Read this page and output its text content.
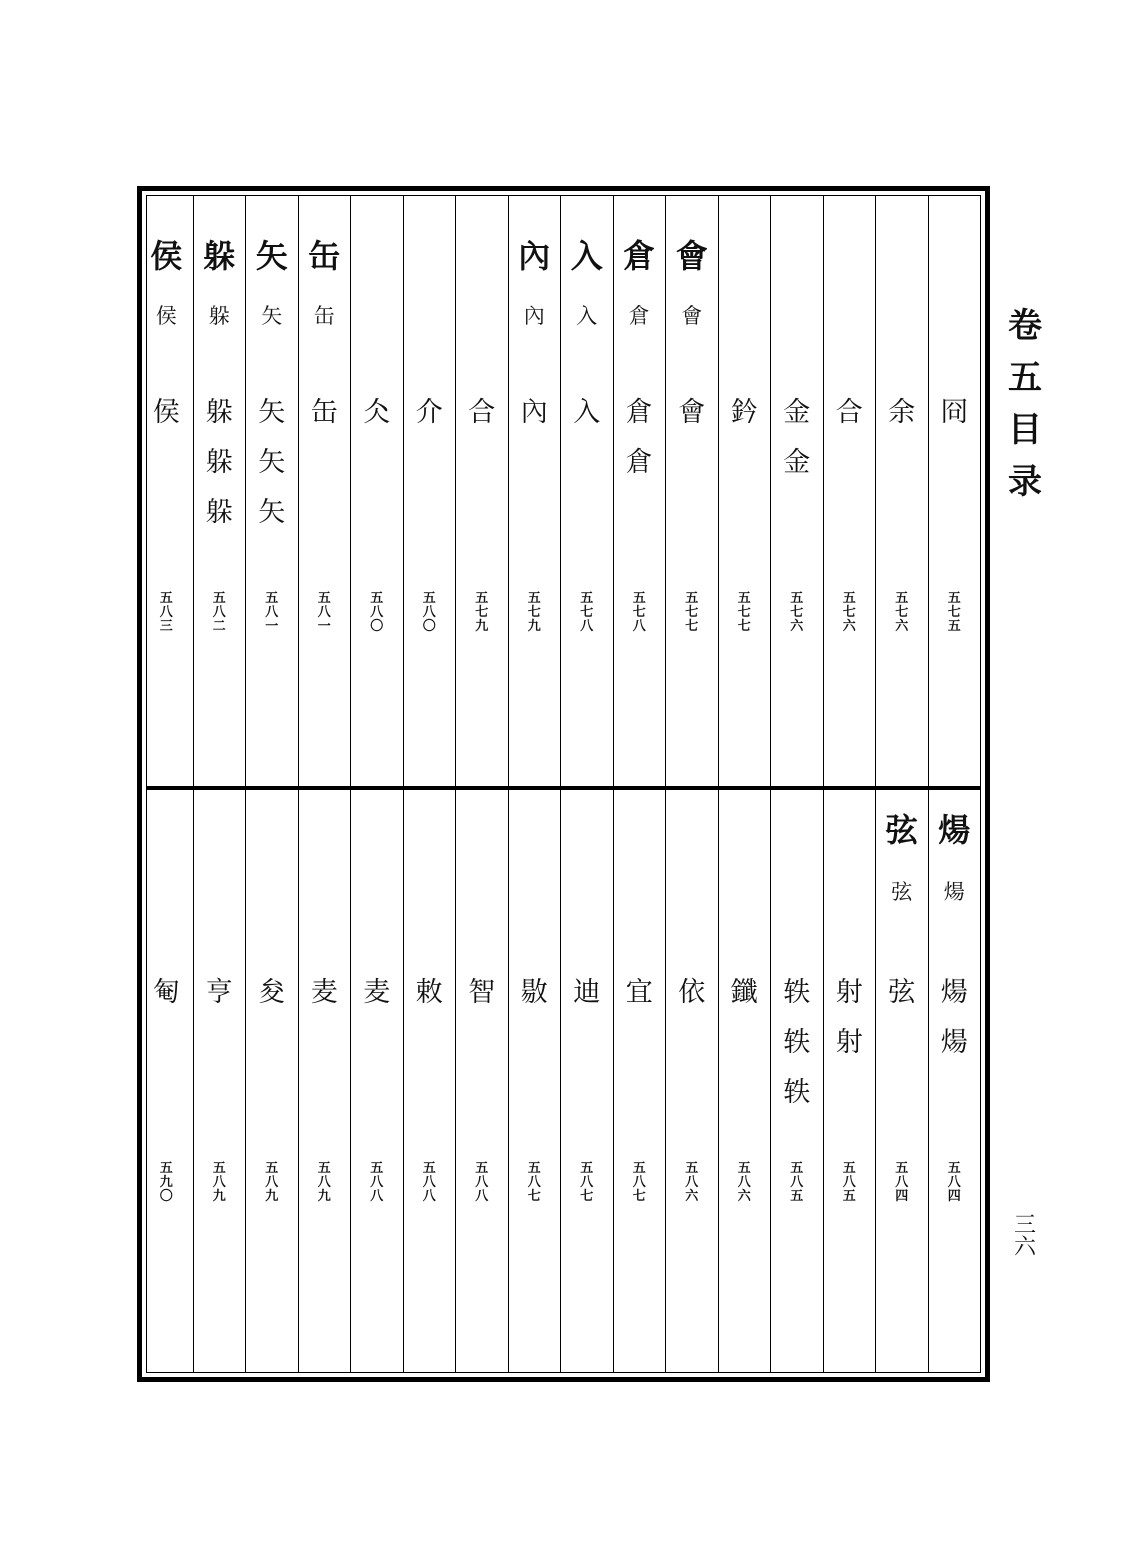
卷
五
目
录
三
六
冏
五
七
五
余
五
七
六
合
五
七
六
金
金
五
七
六
鈐
五
七
七
會
會
會
五
七
七
倉
倉
倉
倉
五
七
八
入
入
入
五
七
八
內
內
內
五
七
九
合
五
七
九
介
五
八
〇
仌
五
八
〇
缶
缶
缶
五
八
一
矢
矢
矢
矢
矢
五
八
一
躲
躲
躲
躲
躲
五
八
二
侯
侯
侯
五
八
三
煬
煬
煬
煬
五
八
四
弦
弦
弦
五
八
四
射
射
五
八
五
轶
轶
轶
五
八
五
鑯
五
八
六
依
五
八
六
宜
五
八
七
迪
五
八
七
敭
五
八
七
智
五
八
八
敕
五
八
八
麦
五
八
八
麦
五
八
九
夋
五
八
九
亨
五
八
九
匎
五
九
〇
